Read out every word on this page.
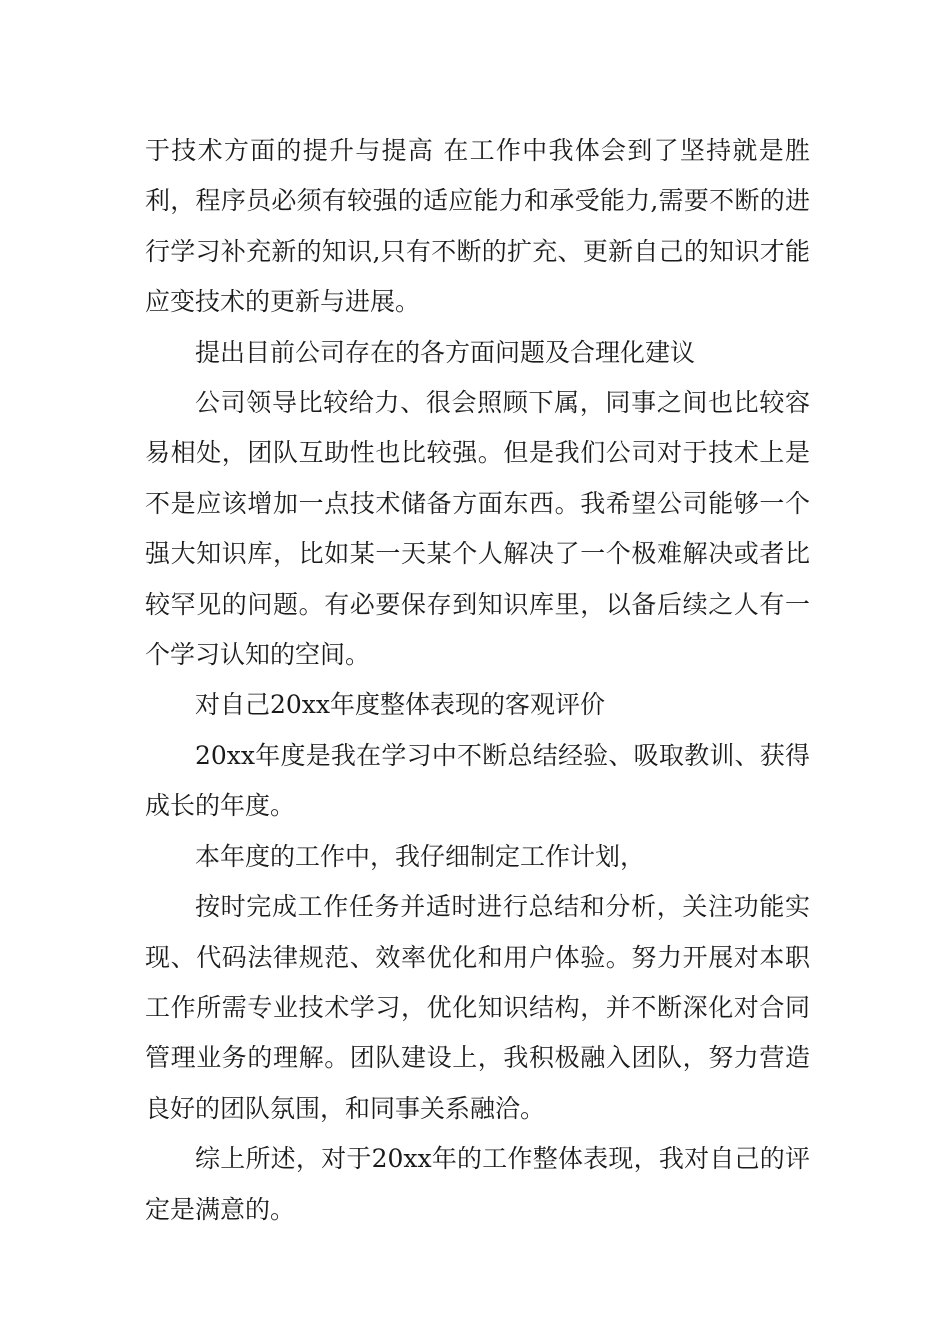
于技术方面的提升与提高 在工作中我体会到了坚持就是胜利，程序员必须有较强的适应能力和承受能力,需要不断的进行学习补充新的知识,只有不断的扩充、更新自己的知识才能应变技术的更新与进展。

提出目前公司存在的各方面问题及合理化建议

公司领导比较给力、很会照顾下属，同事之间也比较容易相处，团队互助性也比较强。但是我们公司对于技术上是不是应该增加一点技术储备方面东西。我希望公司能够一个强大知识库，比如某一天某个人解决了一个极难解决或者比较罕见的问题。有必要保存到知识库里，以备后续之人有一个学习认知的空间。

对自己20xx年度整体表现的客观评价

20xx年度是我在学习中不断总结经验、吸取教训、获得成长的年度。

本年度的工作中，我仔细制定工作计划，

按时完成工作任务并适时进行总结和分析，关注功能实现、代码法律规范、效率优化和用户体验。努力开展对本职工作所需专业技术学习，优化知识结构，并不断深化对合同管理业务的理解。团队建设上，我积极融入团队，努力营造良好的团队氛围，和同事关系融洽。

综上所述，对于20xx年的工作整体表现，我对自己的评定是满意的。
